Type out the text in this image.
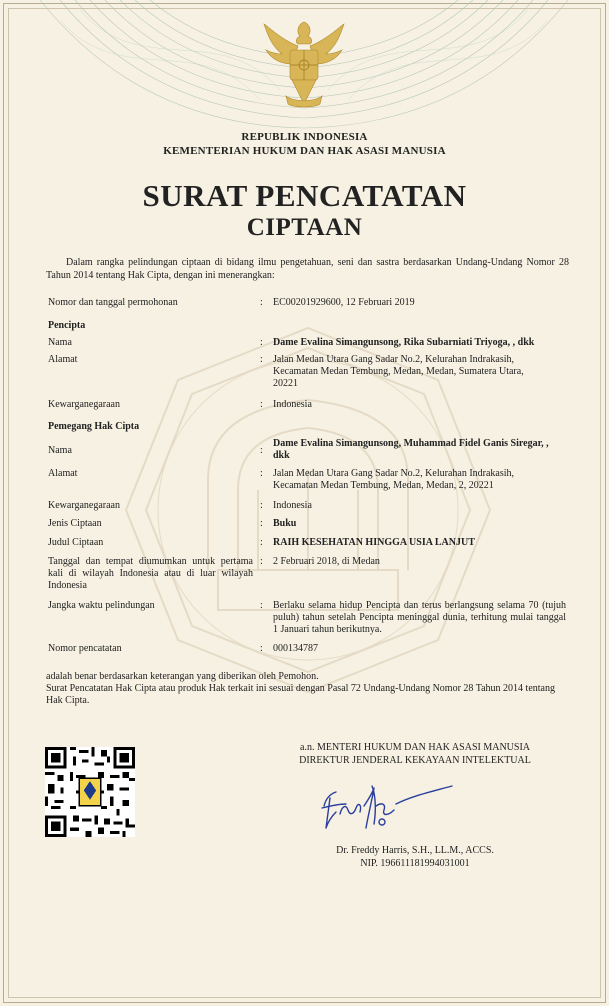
REPUBLIK INDONESIA
KEMENTERIAN HUKUM DAN HAK ASASI MANUSIA
SURAT PENCATATAN
CIPTAAN
Dalam rangka pelindungan ciptaan di bidang ilmu pengetahuan, seni dan sastra berdasarkan Undang-Undang Nomor 28 Tahun 2014 tentang Hak Cipta, dengan ini menerangkan:
Nomor dan tanggal permohonan	: EC00201929600, 12 Februari 2019
Pencipta
Nama	: Dame Evalina Simangunsong, Rika Subarniati Triyoga, , dkk
Alamat	: Jalan Medan Utara Gang Sadar No.2, Kelurahan Indrakasih, Kecamatan Medan Tembung, Medan, Medan, Sumatera Utara, 20221
Kewarganegaraan	: Indonesia
Pemegang Hak Cipta
Nama	:
Dame Evalina Simangunsong, Muhammad Fidel Ganis Siregar, , dkk
Alamat	: Jalan Medan Utara Gang Sadar No.2, Kelurahan Indrakasih, Kecamatan Medan Tembung, Medan, Medan, 2, 20221
Kewarganegaraan	: Indonesia
Jenis Ciptaan	: Buku
Judul Ciptaan	: RAIH KESEHATAN HINGGA USIA LANJUT
Tanggal dan tempat diumumkan untuk pertama kali di wilayah Indonesia atau di luar wilayah Indonesia
: 2 Februari 2018, di Medan
Jangka waktu pelindungan	: Berlaku selama hidup Pencipta dan terus berlangsung selama 70 (tujuh puluh) tahun setelah Pencipta meninggal dunia, terhitung mulai tanggal 1 Januari tahun berikutnya.
Nomor pencatatan	: 000134787
adalah benar berdasarkan keterangan yang diberikan oleh Pemohon.
Surat Pencatatan Hak Cipta atau produk Hak terkait ini sesuai dengan Pasal 72 Undang-Undang Nomor 28 Tahun 2014 tentang Hak Cipta.
a.n. MENTERI HUKUM DAN HAK ASASI MANUSIA
DIREKTUR JENDERAL KEKAYAAN INTELEKTUAL
Dr. Freddy Harris, S.H., LL.M., ACCS.
NIP. 196611181994031001
